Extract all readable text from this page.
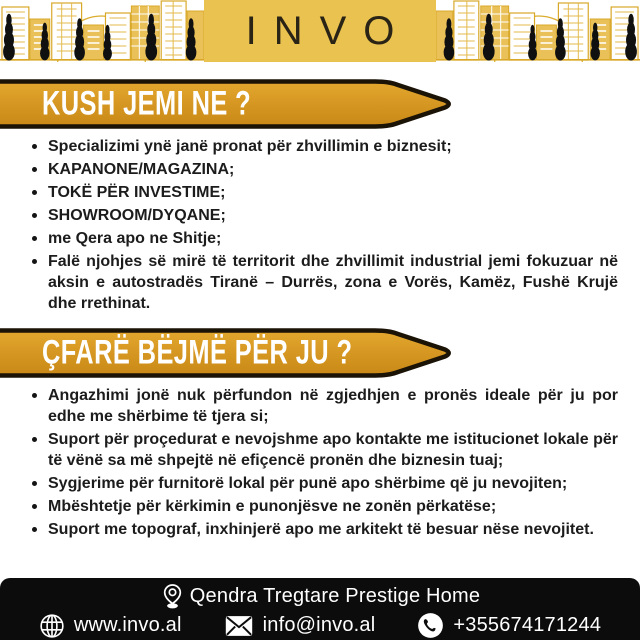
INVO
KUSH JEMI NE ?
Specializimi ynë janë pronat për zhvillimin e biznesit;
KAPANONE/MAGAZINA;
TOKË PËR INVESTIME;
SHOWROOM/DYQANE;
me Qera apo ne Shitje;
Falë njohjes së mirë të territorit dhe zhvillimit industrial jemi fokuzuar në aksin e autostradës Tiranë – Durrës, zona e Vorës, Kamëz, Fushë Krujë dhe rrethinat.
ÇFARË BËJMË PËR JU ?
Angazhimi jonë nuk përfundon në zgjedhjen e pronës ideale për ju por edhe me shërbime të tjera si;
Suport për proçedurat e nevojshme apo kontakte me istitucionet lokale për të vënë sa më shpejtë në efiçencë pronën dhe biznesin tuaj;
Sygjerime për furnitorë lokal për punë apo shërbime që ju nevojiten;
Mbështetje për kërkimin e punonjësve ne zonën përkatëse;
Suport me topograf, inxhinjerë apo me arkitekt të besuar nëse nevojitet.
Qendra Tregtare Prestige Home
www.invo.al	info@invo.al	+355674171244
